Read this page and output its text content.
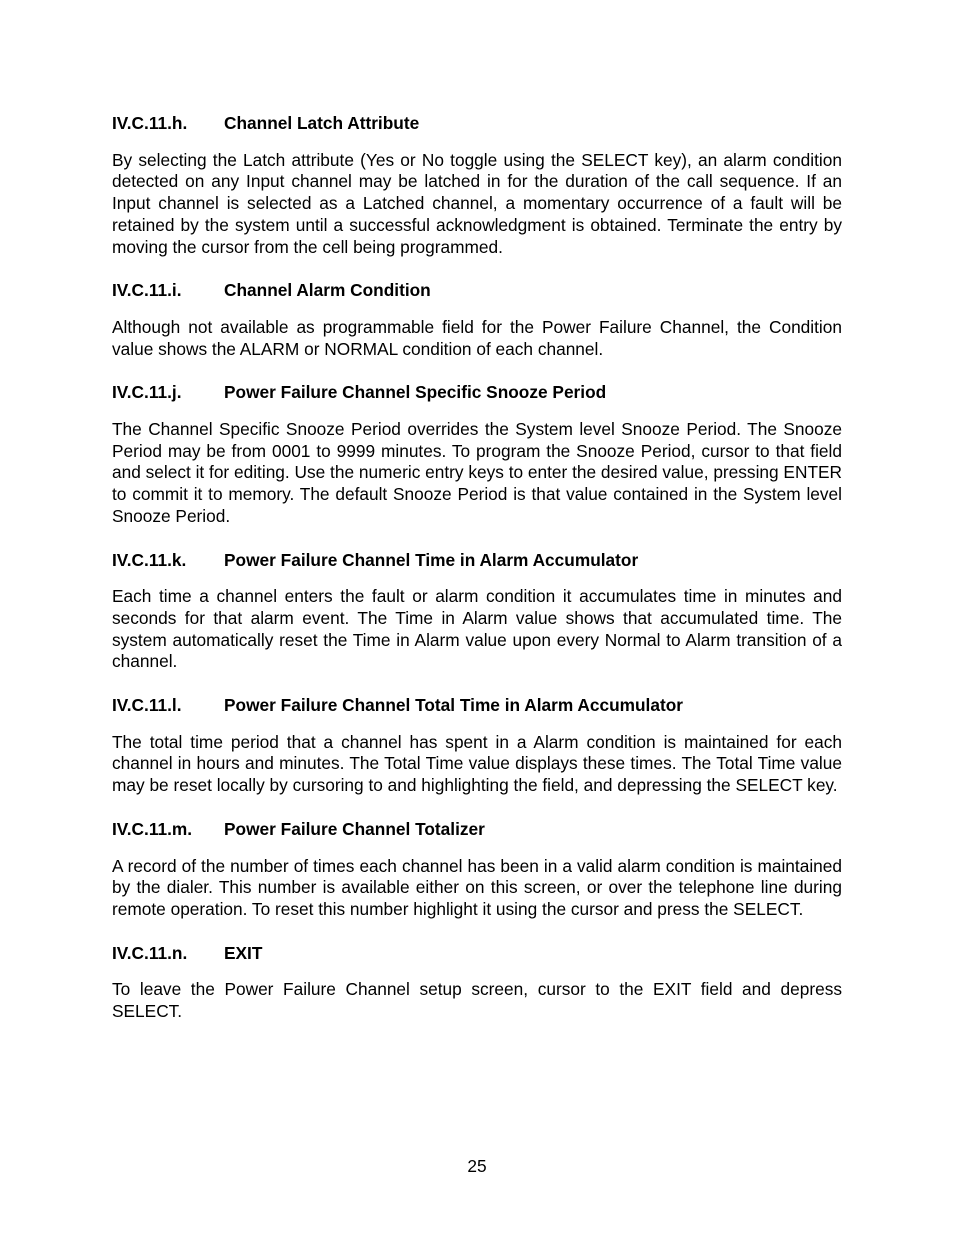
IV.C.11.h.	Channel Latch Attribute

By selecting the Latch attribute (Yes or No toggle using the SELECT key), an alarm condition detected on any Input channel may be latched in for the duration of the call sequence. If an Input channel is selected as a Latched channel, a momentary occurrence of a fault will be retained by the system until a successful acknowledgment is obtained. Terminate the entry by moving the cursor from the cell being programmed.

IV.C.11.i.	Channel Alarm Condition

Although not available as programmable field for the Power Failure Channel, the Condition value shows the ALARM or NORMAL condition of each channel.

IV.C.11.j.	Power Failure Channel Specific Snooze Period

The Channel Specific Snooze Period overrides the System level Snooze Period. The Snooze Period may be from 0001 to 9999 minutes. To program the Snooze Period, cursor to that field and select it for editing. Use the numeric entry keys to enter the desired value, pressing ENTER to commit it to memory. The default Snooze Period is that value contained in the System level Snooze Period.

IV.C.11.k.	Power Failure Channel Time in Alarm Accumulator

Each time a channel enters the fault or alarm condition it accumulates time in minutes and seconds for that alarm event. The Time in Alarm value shows that accumulated time. The system automatically reset the Time in Alarm value upon every Normal to Alarm transition of a channel.

IV.C.11.l.	Power Failure Channel Total Time in Alarm Accumulator

The total time period that a channel has spent in a Alarm condition is maintained for each channel in hours and minutes. The Total Time value displays these times. The Total Time value may be reset locally by cursoring to and highlighting the field, and depressing the SELECT key.

IV.C.11.m.	Power Failure Channel Totalizer

A record of the number of times each channel has been in a valid alarm condition is maintained by the dialer. This number is available either on this screen, or over the telephone line during remote operation. To reset this number highlight it using the cursor and press the SELECT.

IV.C.11.n.	EXIT

To leave the Power Failure Channel setup screen, cursor to the EXIT field and depress SELECT.

25
